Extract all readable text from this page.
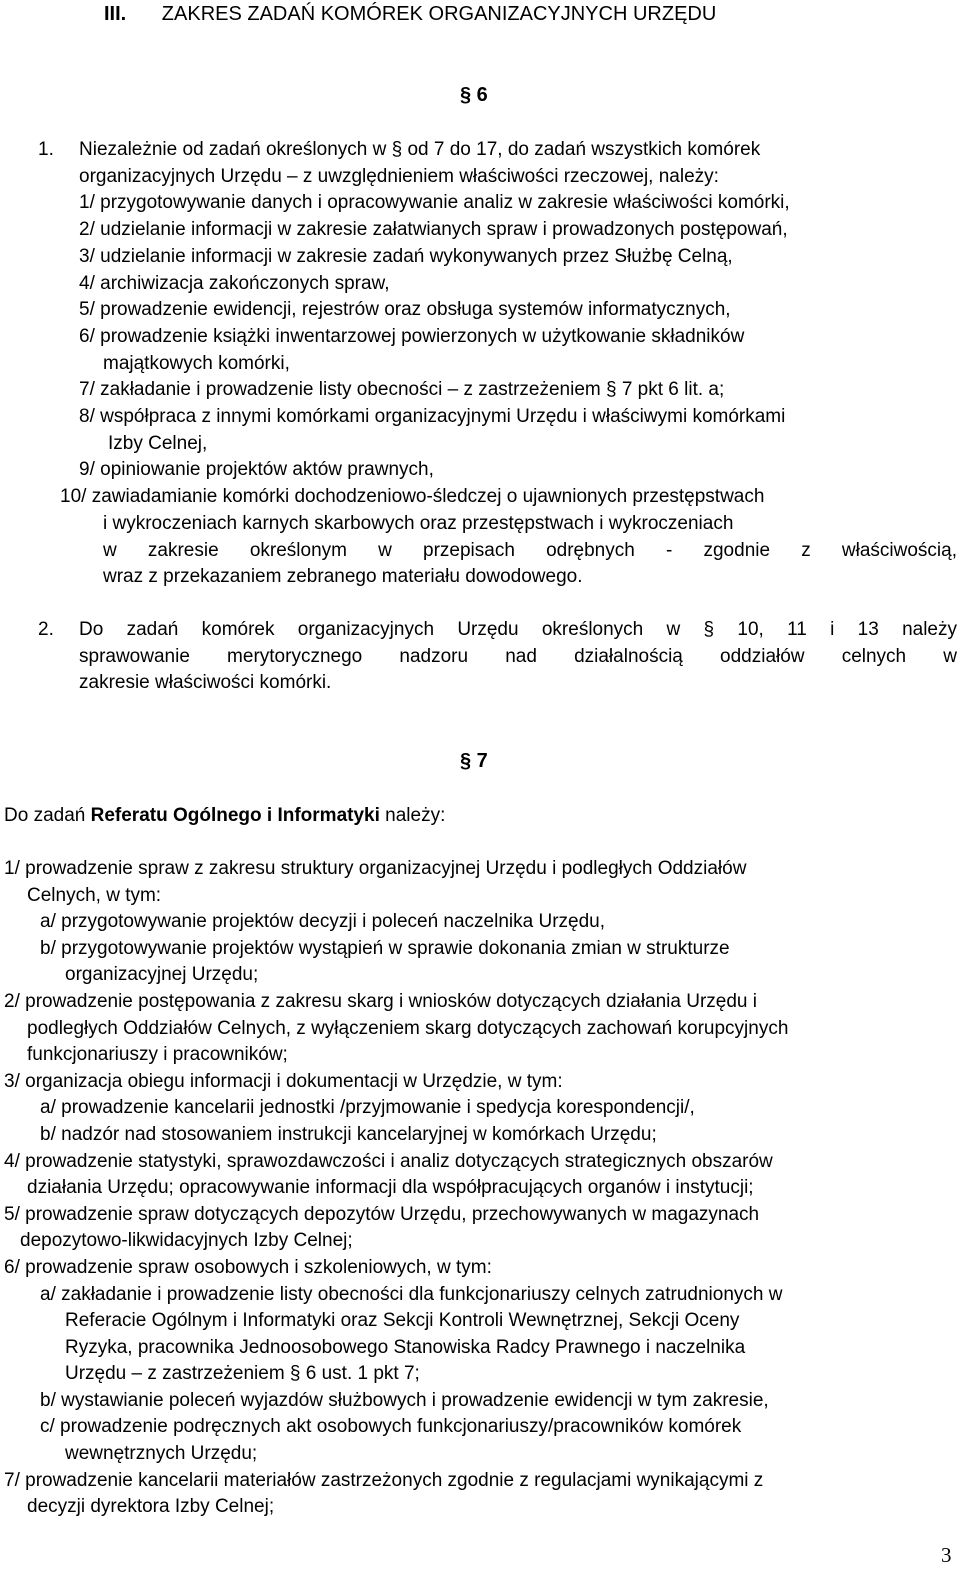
III. ZAKRES ZADAŃ KOMÓREK ORGANIZACYJNYCH URZĘDU
§ 6
1. Niezależnie od zadań określonych w § od 7 do 17, do zadań wszystkich komórek
organizacyjnych Urzędu – z uwzględnieniem właściwości rzeczowej, należy:
1/ przygotowywanie danych i opracowywanie analiz w zakresie właściwości komórki,
2/ udzielanie informacji w zakresie załatwianych spraw i prowadzonych postępowań,
3/ udzielanie informacji w zakresie zadań wykonywanych przez Służbę Celną,
4/ archiwizacja zakończonych spraw,
5/ prowadzenie ewidencji, rejestrów oraz obsługa systemów informatycznych,
6/ prowadzenie książki inwentarzowej powierzonych w użytkowanie składników
majątkowych komórki,
7/ zakładanie i prowadzenie listy obecności – z zastrzeżeniem § 7 pkt 6 lit. a;
8/ współpraca z innymi komórkami organizacyjnymi Urzędu i właściwymi komórkami
Izby Celnej,
9/ opiniowanie projektów aktów prawnych,
10/ zawiadamianie komórki dochodzeniowo-śledczej o ujawnionych przestępstwach
i wykroczeniach karnych skarbowych oraz przestępstwach i wykroczeniach
w zakresie określonym w przepisach odrębnych - zgodnie z właściwością,
wraz z przekazaniem zebranego materiału dowodowego.
2. Do zadań komórek organizacyjnych Urzędu określonych w § 10, 11 i 13 należy
sprawowanie merytorycznego nadzoru nad działalnością oddziałów celnych w
zakresie właściwości komórki.
§ 7
Do zadań Referatu Ogólnego i Informatyki należy:
1/ prowadzenie spraw z zakresu struktury organizacyjnej Urzędu i podległych Oddziałów
Celnych, w tym:
a/ przygotowywanie projektów decyzji i poleceń naczelnika Urzędu,
b/ przygotowywanie projektów wystąpień w sprawie dokonania zmian w strukturze
organizacyjnej Urzędu;
2/ prowadzenie postępowania z zakresu skarg i wniosków dotyczących działania Urzędu i
podległych Oddziałów Celnych, z wyłączeniem skarg dotyczących zachowań korupcyjnych
funkcjonariuszy i pracowników;
3/ organizacja obiegu informacji i dokumentacji w Urzędzie, w tym:
a/ prowadzenie kancelarii jednostki /przyjmowanie i spedycja korespondencji/,
b/ nadzór nad stosowaniem instrukcji kancelaryjnej w komórkach Urzędu;
4/ prowadzenie statystyki, sprawozdawczości i analiz dotyczących strategicznych obszarów
działania Urzędu; opracowywanie informacji dla współpracujących organów i instytucji;
5/ prowadzenie spraw dotyczących depozytów Urzędu, przechowywanych w magazynach
depozytowo-likwidacyjnych Izby Celnej;
6/ prowadzenie spraw osobowych i szkoleniowych, w tym:
a/ zakładanie i prowadzenie listy obecności dla funkcjonariuszy celnych zatrudnionych w
Referacie Ogólnym i Informatyki oraz Sekcji Kontroli Wewnętrznej, Sekcji Oceny
Ryzyka, pracownika Jednoosobowego Stanowiska Radcy Prawnego i naczelnika
Urzędu – z zastrzeżeniem § 6 ust. 1 pkt 7;
b/ wystawianie poleceń wyjazdów służbowych i prowadzenie ewidencji w tym zakresie,
c/ prowadzenie podręcznych akt osobowych funkcjonariuszy/pracowników komórek
wewnętrznych Urzędu;
7/ prowadzenie kancelarii materiałów zastrzeżonych zgodnie z regulacjami wynikającymi z
decyzji dyrektora Izby Celnej;
3
